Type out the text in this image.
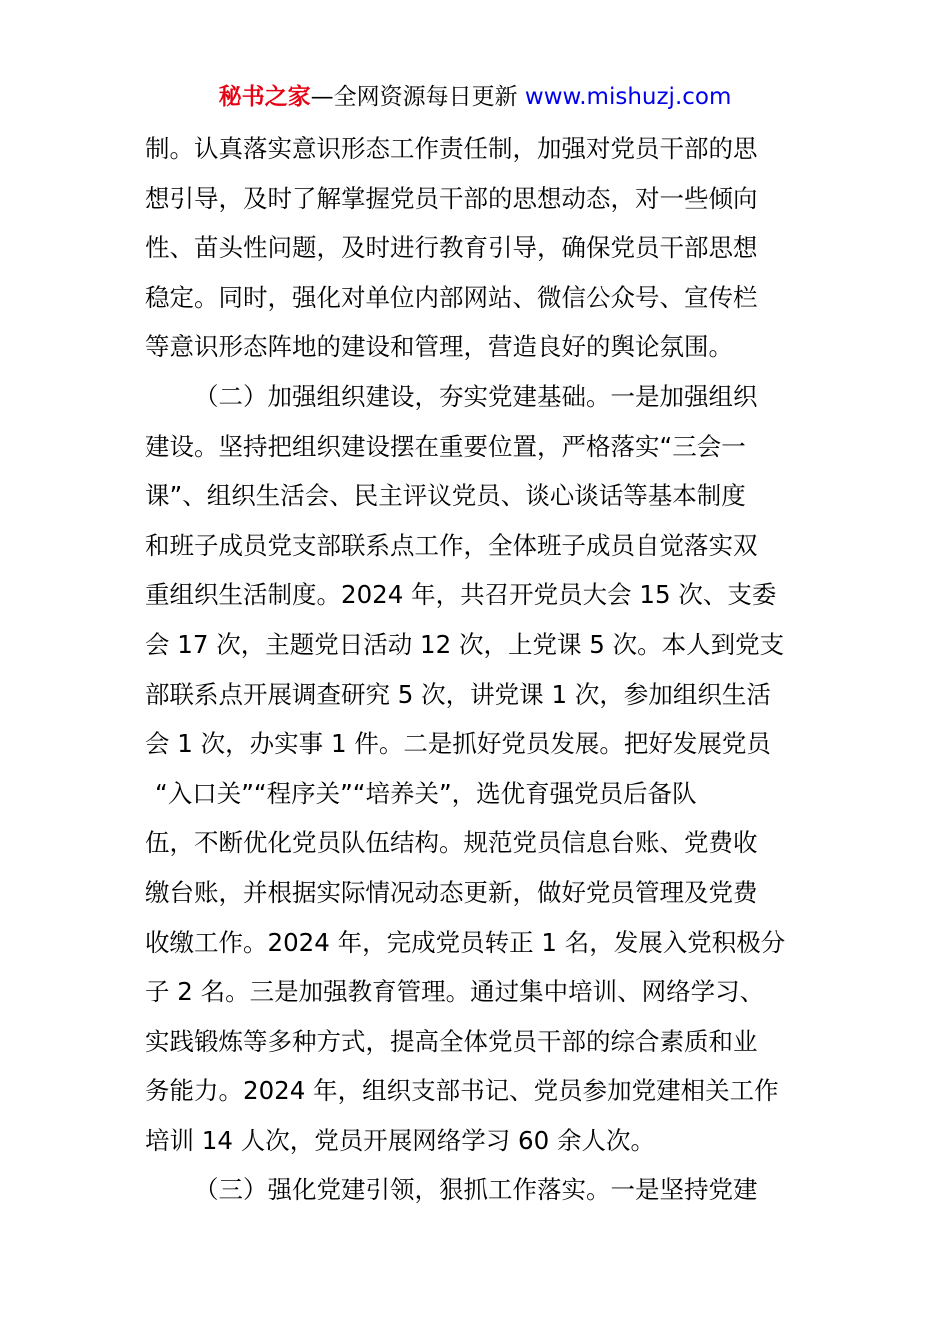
秘书之家—全网资源每日更新 www.mishuzj.com
制。认真落实意识形态工作责任制，加强对党员干部的思
想引导，及时了解掌握党员干部的思想动态，对一些倾向
性、苗头性问题，及时进行教育引导，确保党员干部思想
稳定。同时，强化对单位内部网站、微信公众号、宣传栏
等意识形态阵地的建设和管理，营造良好的舆论氛围。
（二）加强组织建设，夯实党建基础。一是加强组织
建设。坚持把组织建设摆在重要位置，严格落实“三会一
课”、组织生活会、民主评议党员、谈心谈话等基本制度
和班子成员党支部联系点工作，全体班子成员自觉落实双
重组织生活制度。2024 年，共召开党员大会 15 次、支委
会 17 次，主题党日活动 12 次，上党课 5 次。本人到党支
部联系点开展调查研究 5 次，讲党课 1 次，参加组织生活
会 1 次，办实事 1 件。二是抓好党员发展。把好发展党员
“入口关”“程序关”“培养关”，选优育强党员后备队
伍，不断优化党员队伍结构。规范党员信息台账、党费收
缴台账，并根据实际情况动态更新，做好党员管理及党费
收缴工作。2024 年，完成党员转正 1 名，发展入党积极分
子 2 名。三是加强教育管理。通过集中培训、网络学习、
实践锻炼等多种方式，提高全体党员干部的综合素质和业
务能力。2024 年，组织支部书记、党员参加党建相关工作
培训 14 人次，党员开展网络学习 60 余人次。
（三）强化党建引领，狠抓工作落实。一是坚持党建
